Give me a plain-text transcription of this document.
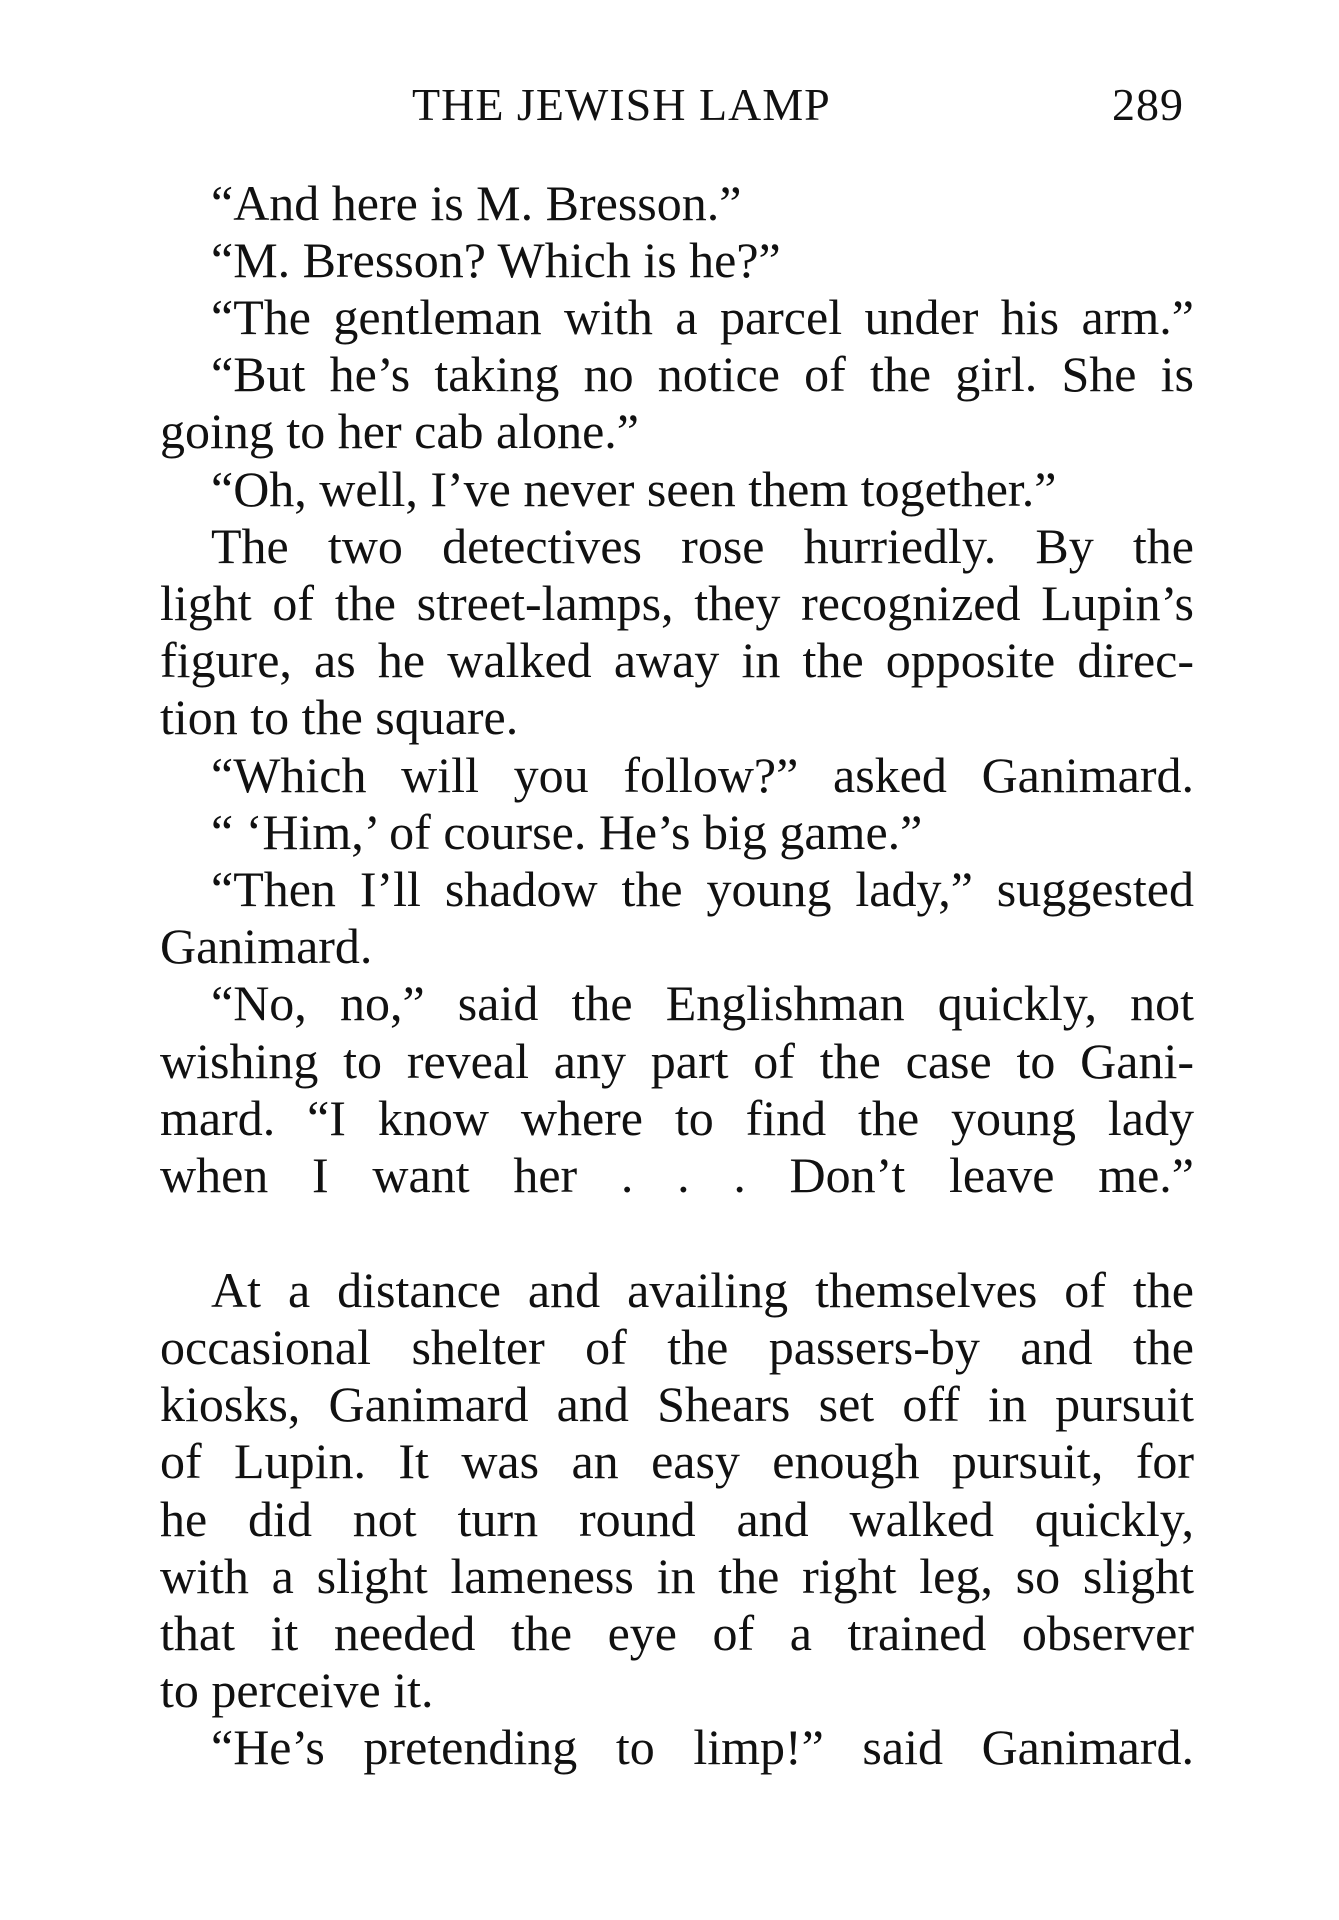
THE JEWISH LAMP	289
“And here is M. Bresson.”
“M. Bresson? Which is he?”
“The gentleman with a parcel under his arm.”
“But he’s taking no notice of the girl. She is
going to her cab alone.”
“Oh, well, I’ve never seen them together.”
The two detectives rose hurriedly. By the
light of the street-lamps, they recognized Lupin’s
figure, as he walked away in the opposite direc-
tion to the square.
“Which will you follow?” asked Ganimard.
“ ‘Him,’ of course. He’s big game.”
“Then I’ll shadow the young lady,” suggested
Ganimard.
“No, no,” said the Englishman quickly, not
wishing to reveal any part of the case to Gani-
mard. “I know where to find the young lady
when I want her . . . Don’t leave me.”
At a distance and availing themselves of the
occasional shelter of the passers-by and the
kiosks, Ganimard and Shears set off in pursuit
of Lupin. It was an easy enough pursuit, for
he did not turn round and walked quickly,
with a slight lameness in the right leg, so slight
that it needed the eye of a trained observer
to perceive it.
“He’s pretending to limp!” said Ganimard.
